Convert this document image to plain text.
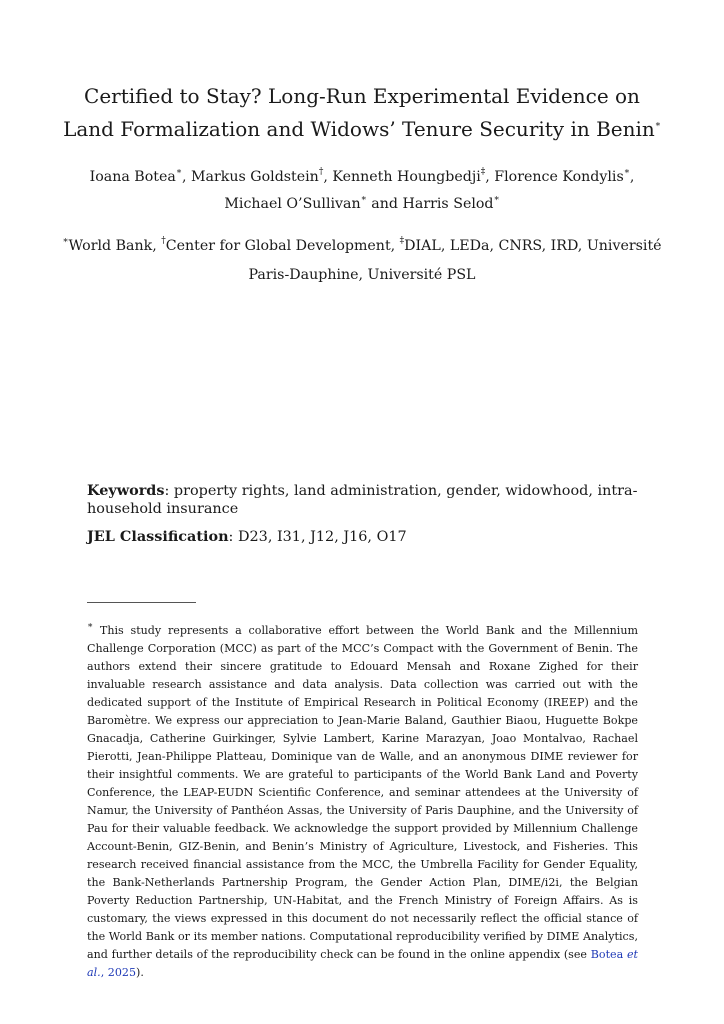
Certified to Stay? Long-Run Experimental Evidence on
Land Formalization and Widows’ Tenure Security in Benin∗
Ioana Botea∗, Markus Goldstein†, Kenneth Houngbedji‡, Florence Kondylis∗, Michael O’Sullivan∗ and Harris Selod∗
∗World Bank, †Center for Global Development, ‡DIAL, LEDa, CNRS, IRD, Université Paris-Dauphine, Université PSL
Keywords: property rights, land administration, gender, widowhood, intra-household insurance
JEL Classification: D23, I31, J12, J16, O17
∗ This study represents a collaborative effort between the World Bank and the Millennium Challenge Corporation (MCC) as part of the MCC’s Compact with the Government of Benin. The authors extend their sincere gratitude to Edouard Mensah and Roxane Zighed for their invaluable research assistance and data analysis. Data collection was carried out with the dedicated support of the Institute of Empirical Research in Political Economy (IREEP) and the Baromètre. We express our appreciation to Jean-Marie Baland, Gauthier Biaou, Huguette Bokpe Gnacadja, Catherine Guirkinger, Sylvie Lambert, Karine Marazyan, Joao Montalvao, Rachael Pierotti, Jean-Philippe Platteau, Dominique van de Walle, and an anonymous DIME reviewer for their insightful comments. We are grateful to participants of the World Bank Land and Poverty Conference, the LEAP-EUDN Scientific Conference, and seminar attendees at the University of Namur, the University of Panthéon Assas, the University of Paris Dauphine, and the University of Pau for their valuable feedback. We acknowledge the support provided by Millennium Challenge Account-Benin, GIZ-Benin, and Benin’s Ministry of Agriculture, Livestock, and Fisheries. This research received financial assistance from the MCC, the Umbrella Facility for Gender Equality, the Bank-Netherlands Partnership Program, the Gender Action Plan, DIME/i2i, the Belgian Poverty Reduction Partnership, UN-Habitat, and the French Ministry of Foreign Affairs. As is customary, the views expressed in this document do not necessarily reflect the official stance of the World Bank or its member nations. Computational reproducibility verified by DIME Analytics, and further details of the reproducibility check can be found in the online appendix (see Botea et al., 2025).
